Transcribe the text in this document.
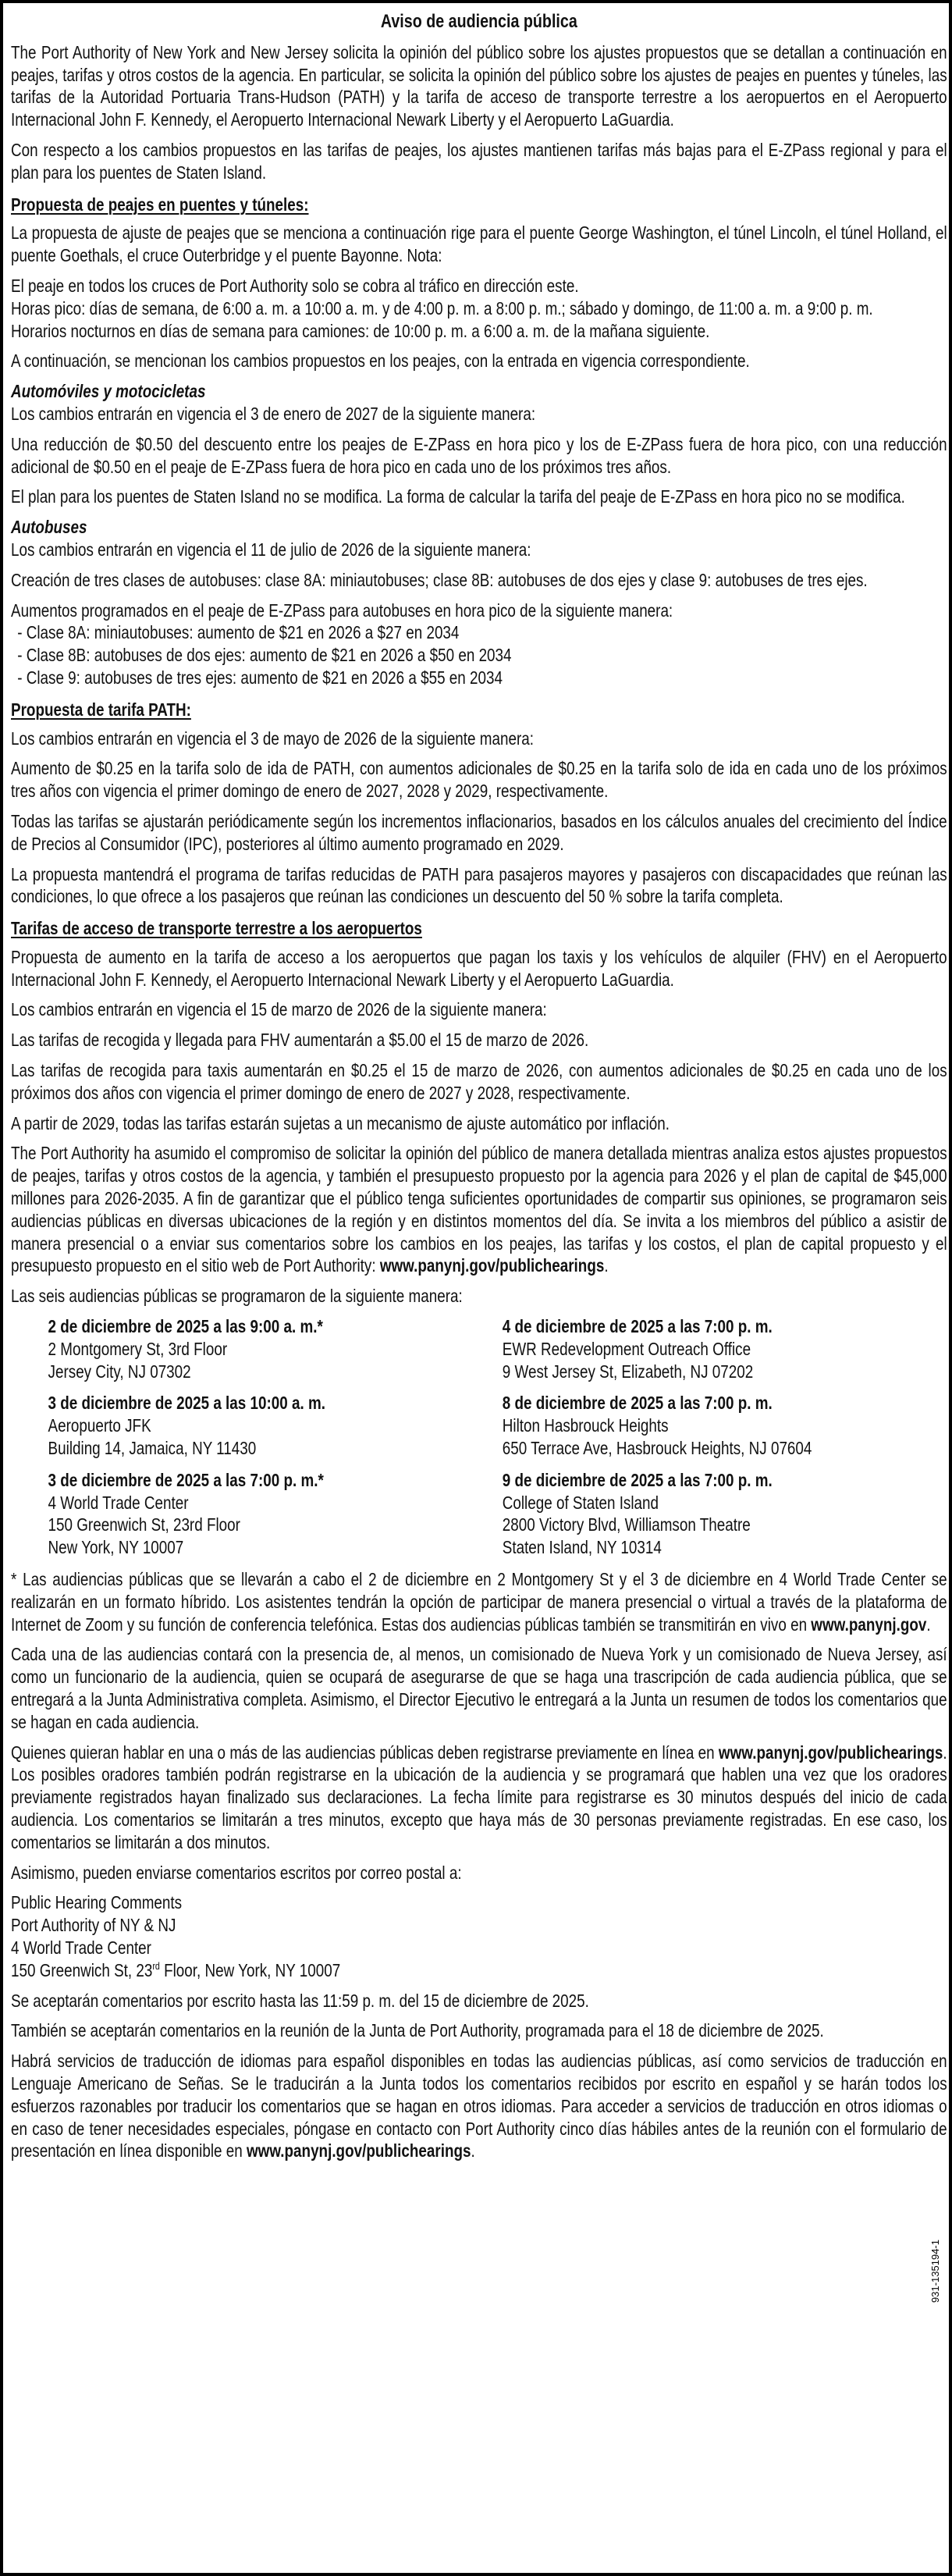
Aviso de audiencia pública

The Port Authority of New York and New Jersey solicita la opinión del público sobre los ajustes propuestos que se detallan a continuación en peajes, tarifas y otros costos de la agencia. En particular, se solicita la opinión del público sobre los ajustes de peajes en puentes y túneles, las tarifas de la Autoridad Portuaria Trans-Hudson (PATH) y la tarifa de acceso de transporte terrestre a los aeropuertos en el Aeropuerto Internacional John F. Kennedy, el Aeropuerto Internacional Newark Liberty y el Aeropuerto LaGuardia.

Con respecto a los cambios propuestos en las tarifas de peajes, los ajustes mantienen tarifas más bajas para el E-ZPass regional y para el plan para los puentes de Staten Island.

Propuesta de peajes en puentes y túneles:

La propuesta de ajuste de peajes que se menciona a continuación rige para el puente George Washington, el túnel Lincoln, el túnel Holland, el puente Goethals, el cruce Outerbridge y el puente Bayonne. Nota:

El peaje en todos los cruces de Port Authority solo se cobra al tráfico en dirección este.

Horas pico: días de semana, de 6:00 a. m. a 10:00 a. m. y de 4:00 p. m. a 8:00 p. m.; sábado y domingo, de 11:00 a. m. a 9:00 p. m.

Horarios nocturnos en días de semana para camiones: de 10:00 p. m. a 6:00 a. m. de la mañana siguiente.

A continuación, se mencionan los cambios propuestos en los peajes, con la entrada en vigencia correspondiente.

Automóviles y motocicletas

Los cambios entrarán en vigencia el 3 de enero de 2027 de la siguiente manera:

Una reducción de $0.50 del descuento entre los peajes de E-ZPass en hora pico y los de E-ZPass fuera de hora pico, con una reducción adicional de $0.50 en el peaje de E-ZPass fuera de hora pico en cada uno de los próximos tres años.

El plan para los puentes de Staten Island no se modifica. La forma de calcular la tarifa del peaje de E-ZPass en hora pico no se modifica.

Autobuses

Los cambios entrarán en vigencia el 11 de julio de 2026 de la siguiente manera:

Creación de tres clases de autobuses: clase 8A: miniautobuses; clase 8B: autobuses de dos ejes y clase 9: autobuses de tres ejes.

Aumentos programados en el peaje de E-ZPass para autobuses en hora pico de la siguiente manera:

- Clase 8A: miniautobuses: aumento de $21 en 2026 a $27 en 2034
- Clase 8B: autobuses de dos ejes: aumento de $21 en 2026 a $50 en 2034
- Clase 9: autobuses de tres ejes: aumento de $21 en 2026 a $55 en 2034
Propuesta de tarifa PATH:

Los cambios entrarán en vigencia el 3 de mayo de 2026 de la siguiente manera:

Aumento de $0.25 en la tarifa solo de ida de PATH, con aumentos adicionales de $0.25 en la tarifa solo de ida en cada uno de los próximos tres años con vigencia el primer domingo de enero de 2027, 2028 y 2029, respectivamente.

Todas las tarifas se ajustarán periódicamente según los incrementos inflacionarios, basados en los cálculos anuales del crecimiento del Índice de Precios al Consumidor (IPC), posteriores al último aumento programado en 2029.

La propuesta mantendrá el programa de tarifas reducidas de PATH para pasajeros mayores y pasajeros con discapacidades que reúnan las condiciones, lo que ofrece a los pasajeros que reúnan las condiciones un descuento del 50 % sobre la tarifa completa.

Tarifas de acceso de transporte terrestre a los aeropuertos

Propuesta de aumento en la tarifa de acceso a los aeropuertos que pagan los taxis y los vehículos de alquiler (FHV) en el Aeropuerto Internacional John F. Kennedy, el Aeropuerto Internacional Newark Liberty y el Aeropuerto LaGuardia.

Los cambios entrarán en vigencia el 15 de marzo de 2026 de la siguiente manera:

Las tarifas de recogida y llegada para FHV aumentarán a $5.00 el 15 de marzo de 2026.

Las tarifas de recogida para taxis aumentarán en $0.25 el 15 de marzo de 2026, con aumentos adicionales de $0.25 en cada uno de los próximos dos años con vigencia el primer domingo de enero de 2027 y 2028, respectivamente.

A partir de 2029, todas las tarifas estarán sujetas a un mecanismo de ajuste automático por inflación.

The Port Authority ha asumido el compromiso de solicitar la opinión del público de manera detallada mientras analiza estos ajustes propuestos de peajes, tarifas y otros costos de la agencia, y también el presupuesto propuesto por la agencia para 2026 y el plan de capital de $45,000 millones para 2026-2035. A fin de garantizar que el público tenga suficientes oportunidades de compartir sus opiniones, se programaron seis audiencias públicas en diversas ubicaciones de la región y en distintos momentos del día. Se invita a los miembros del público a asistir de manera presencial o a enviar sus comentarios sobre los cambios en los peajes, las tarifas y los costos, el plan de capital propuesto y el presupuesto propuesto en el sitio web de Port Authority: www.panynj.gov/publichearings.

Las seis audiencias públicas se programaron de la siguiente manera:

2 de diciembre de 2025 a las 9:00 a. m.*
2 Montgomery St, 3rd Floor
Jersey City, NJ 07302
4 de diciembre de 2025 a las 7:00 p. m.
EWR Redevelopment Outreach Office
9 West Jersey St, Elizabeth, NJ 07202
3 de diciembre de 2025 a las 10:00 a. m.
Aeropuerto JFK
Building 14, Jamaica, NY 11430
8 de diciembre de 2025 a las 7:00 p. m.
Hilton Hasbrouck Heights
650 Terrace Ave, Hasbrouck Heights, NJ 07604
3 de diciembre de 2025 a las 7:00 p. m.*
4 World Trade Center
150 Greenwich St, 23rd Floor
New York, NY 10007
9 de diciembre de 2025 a las 7:00 p. m.
College of Staten Island
2800 Victory Blvd, Williamson Theatre
Staten Island, NY 10314

* Las audiencias públicas que se llevarán a cabo el 2 de diciembre en 2 Montgomery St y el 3 de diciembre en 4 World Trade Center se realizarán en un formato híbrido. Los asistentes tendrán la opción de participar de manera presencial o virtual a través de la plataforma de Internet de Zoom y su función de conferencia telefónica. Estas dos audiencias públicas también se transmitirán en vivo en www.panynj.gov.

Cada una de las audiencias contará con la presencia de, al menos, un comisionado de Nueva York y un comisionado de Nueva Jersey, así como un funcionario de la audiencia, quien se ocupará de asegurarse de que se haga una trascripción de cada audiencia pública, que se entregará a la Junta Administrativa completa. Asimismo, el Director Ejecutivo le entregará a la Junta un resumen de todos los comentarios que se hagan en cada audiencia.

Quienes quieran hablar en una o más de las audiencias públicas deben registrarse previamente en línea en www.panynj.gov/publichearings. Los posibles oradores también podrán registrarse en la ubicación de la audiencia y se programará que hablen una vez que los oradores previamente registrados hayan finalizado sus declaraciones. La fecha límite para registrarse es 30 minutos después del inicio de cada audiencia. Los comentarios se limitarán a tres minutos, excepto que haya más de 30 personas previamente registradas. En ese caso, los comentarios se limitarán a dos minutos.

Asimismo, pueden enviarse comentarios escritos por correo postal a:

Public Hearing Comments
Port Authority of NY & NJ
4 World Trade Center
150 Greenwich St, 23rd Floor, New York, NY 10007

Se aceptarán comentarios por escrito hasta las 11:59 p. m. del 15 de diciembre de 2025.

También se aceptarán comentarios en la reunión de la Junta de Port Authority, programada para el 18 de diciembre de 2025.

Habrá servicios de traducción de idiomas para español disponibles en todas las audiencias públicas, así como servicios de traducción en Lenguaje Americano de Señas. Se le traducirán a la Junta todos los comentarios recibidos por escrito en español y se harán todos los esfuerzos razonables por traducir los comentarios que se hagan en otros idiomas. Para acceder a servicios de traducción en otros idiomas o en caso de tener necesidades especiales, póngase en contacto con Port Authority cinco días hábiles antes de la reunión con el formulario de presentación en línea disponible en www.panynj.gov/publichearings.

931-135194-1
